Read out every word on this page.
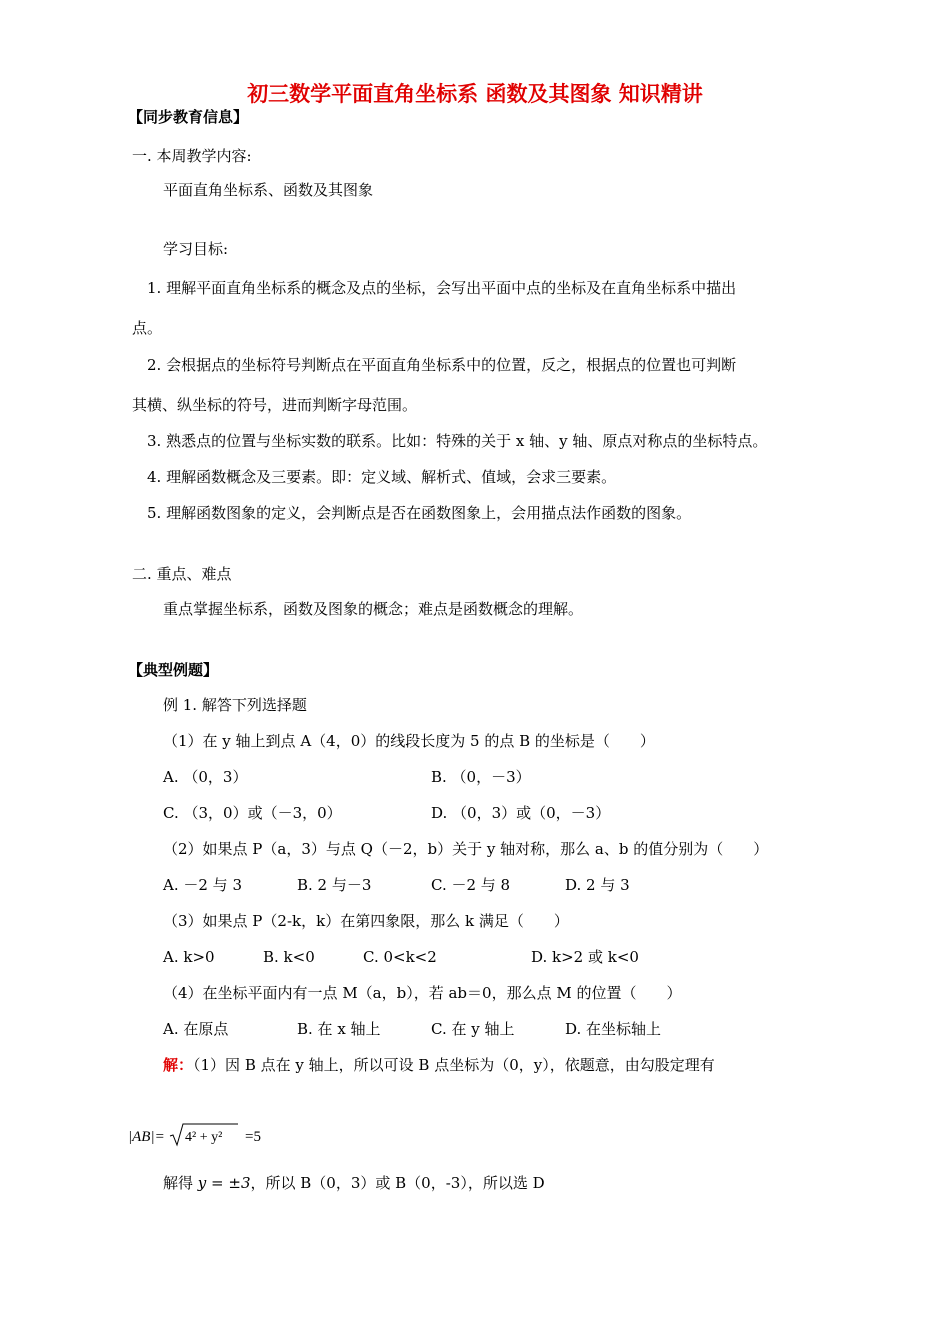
初三数学平面直角坐标系 函数及其图象 知识精讲
【同步教育信息】
一. 本周教学内容:
平面直角坐标系、函数及其图象
学习目标:
1. 理解平面直角坐标系的概念及点的坐标，会写出平面中点的坐标及在直角坐标系中描出
点。
2. 会根据点的坐标符号判断点在平面直角坐标系中的位置，反之，根据点的位置也可判断
其横、纵坐标的符号，进而判断字母范围。
3. 熟悉点的位置与坐标实数的联系。比如：特殊的关于 x 轴、y 轴、原点对称点的坐标特点。
4. 理解函数概念及三要素。即：定义域、解析式、值域，会求三要素。
5. 理解函数图象的定义，会判断点是否在函数图象上，会用描点法作函数的图象。
二. 重点、难点
重点掌握坐标系，函数及图象的概念；难点是函数概念的理解。
【典型例题】
例 1. 解答下列选择题
（1）在 y 轴上到点 A（4，0）的线段长度为 5 的点 B 的坐标是（　　）
A. （0，3）	B. （0，－3）
C. （3，0）或（－3，0）	D. （0，3）或（0，－3）
（2）如果点 P（a，3）与点 Q（－2，b）关于 y 轴对称，那么 a、b 的值分别为（　　）
A. －2 与 3	B. 2 与－3	C. －2 与 8	D. 2 与 3
（3）如果点 P（2-k，k）在第四象限，那么 k 满足（　　）
A. k>0	B. k<0	C. 0<k<2	D. k>2 或 k<0
（4）在坐标平面内有一点 M（a，b），若 ab＝0，那么点 M 的位置（　　）
A. 在原点	B. 在 x 轴上	C. 在 y 轴上	D. 在坐标轴上
解：（1）因 B 点在 y 轴上，所以可设 B 点坐标为（0，y），依题意，由勾股定理有
|AB|= 4² + y² =5
解得 y = ±3，所以 B（0，3）或 B（0，-3），所以选 D
